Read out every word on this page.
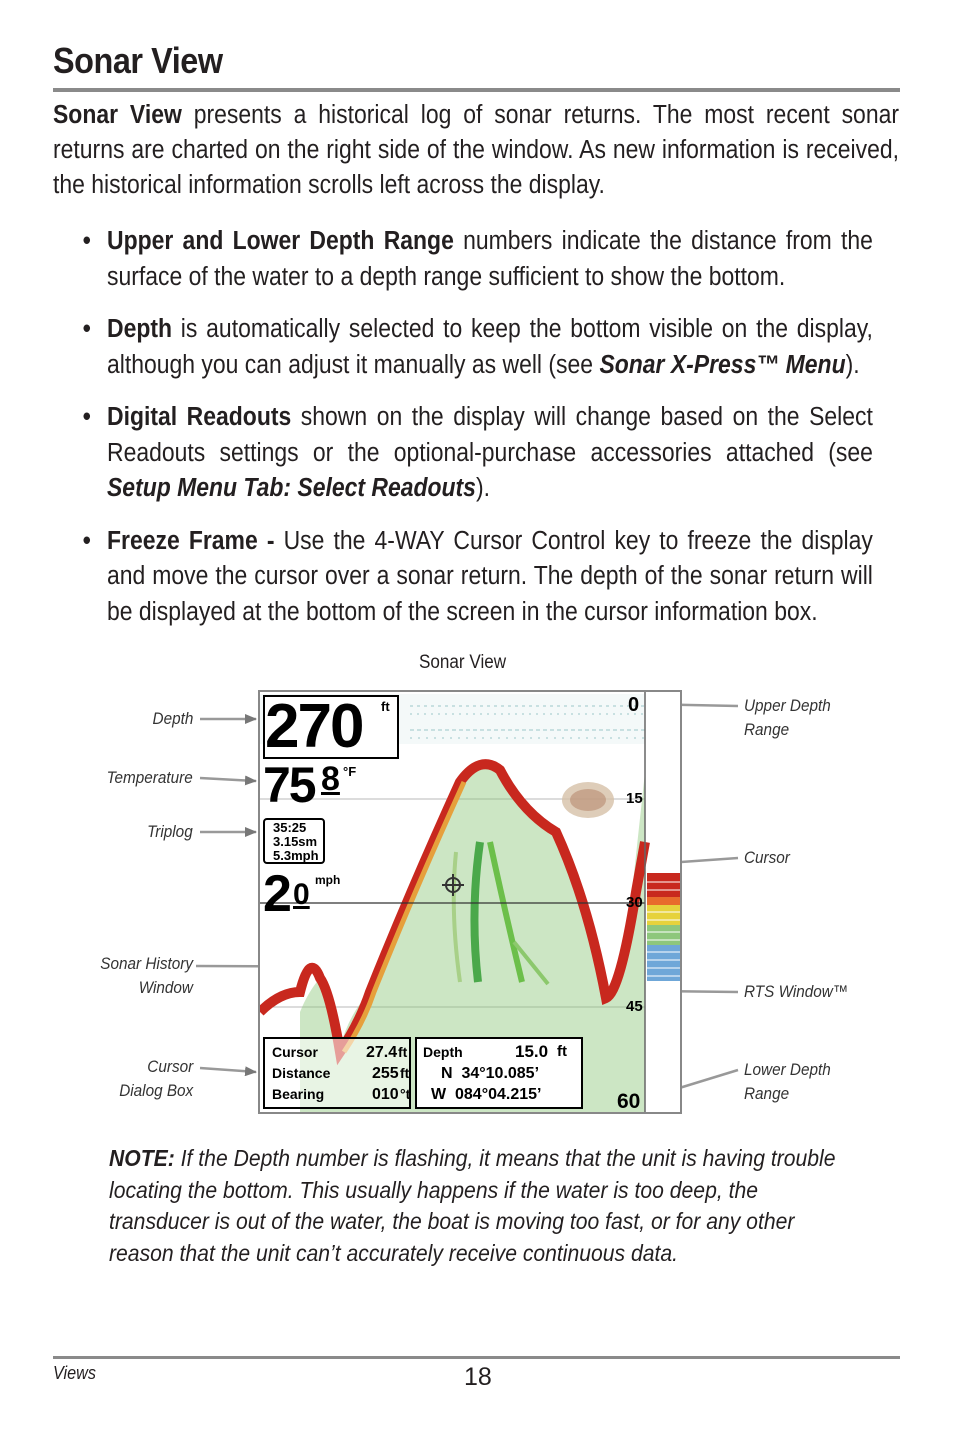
Sonar View

Sonar View presents a historical log of sonar returns. The most recent sonar returns are charted on the right side of the window. As new information is received, the historical information scrolls left across the display.

• Upper and Lower Depth Range numbers indicate the distance from the surface of the water to a depth range sufficient to show the bottom.
• Depth is automatically selected to keep the bottom visible on the display, although you can adjust it manually as well (see Sonar X-Press™ Menu).
• Digital Readouts shown on the display will change based on the Select Readouts settings or the optional-purchase accessories attached (see Setup Menu Tab: Select Readouts).
• Freeze Frame - Use the 4-WAY Cursor Control key to freeze the display and move the cursor over a sonar return. The depth of the sonar return will be displayed at the bottom of the screen in the cursor information box.
Sonar View
Depth
Temperature
Triplog
Sonar History
Window
Cursor
Dialog Box
Upper Depth
Range
Cursor
RTS Window™
Lower Depth
Range
0
15
30
45
60
270 ft
75 8 °F
35:25
3.15sm
5.3mph
2 0 mph
Cursor	27.4 ft
Distance	255 ft
Bearing	010 °t
Depth	15.0 ft
N  34°10.085’
W  084°04.215’

NOTE: If the Depth number is flashing, it means that the unit is having trouble locating the bottom. This usually happens if the water is too deep, the transducer is out of the water, the boat is moving too fast, or for any other reason that the unit can’t accurately receive continuous data.

Views	18
